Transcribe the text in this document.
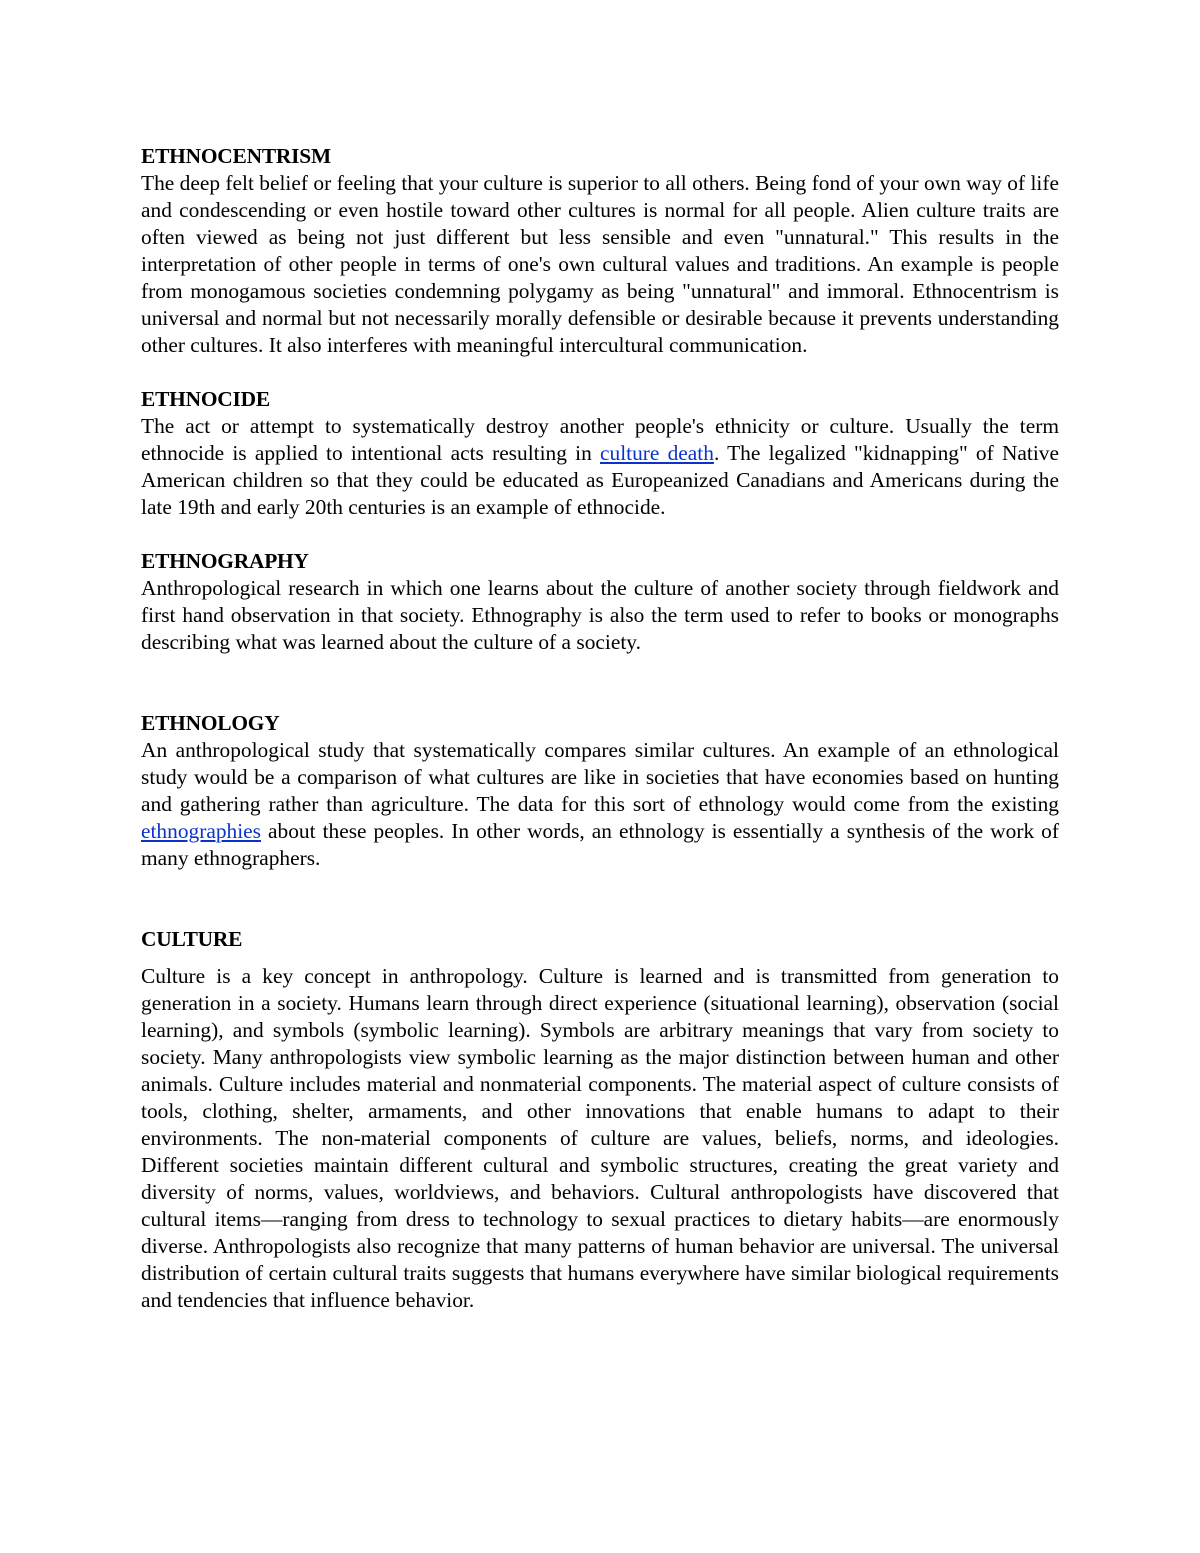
ETHNOCENTRISM

The deep felt belief or feeling that your culture is superior to all others. Being fond of your own way of life and condescending or even hostile toward other cultures is normal for all people. Alien culture traits are often viewed as being not just different but less sensible and even "unnatural." This results in the interpretation of other people in terms of one's own cultural values and traditions. An example is people from monogamous societies condemning polygamy as being "unnatural" and immoral. Ethnocentrism is universal and normal but not necessarily morally defensible or desirable because it prevents understanding other cultures. It also interferes with meaningful intercultural communication.

ETHNOCIDE

The act or attempt to systematically destroy another people's ethnicity or culture. Usually the term ethnocide is applied to intentional acts resulting in culture death. The legalized "kidnapping" of Native American children so that they could be educated as Europeanized Canadians and Americans during the late 19th and early 20th centuries is an example of ethnocide.

ETHNOGRAPHY

Anthropological research in which one learns about the culture of another society through fieldwork and first hand observation in that society. Ethnography is also the term used to refer to books or monographs describing what was learned about the culture of a society.

ETHNOLOGY

An anthropological study that systematically compares similar cultures. An example of an ethnological study would be a comparison of what cultures are like in societies that have economies based on hunting and gathering rather than agriculture. The data for this sort of ethnology would come from the existing ethnographies about these peoples. In other words, an ethnology is essentially a synthesis of the work of many ethnographers.

CULTURE

Culture is a key concept in anthropology. Culture is learned and is transmitted from generation to generation in a society. Humans learn through direct experience (situational learning), observation (social learning), and symbols (symbolic learning). Symbols are arbitrary meanings that vary from society to society. Many anthropologists view symbolic learning as the major distinction between human and other animals. Culture includes material and nonmaterial components. The material aspect of culture consists of tools, clothing, shelter, armaments, and other innovations that enable humans to adapt to their environments. The non-material components of culture are values, beliefs, norms, and ideologies. Different societies maintain different cultural and symbolic structures, creating the great variety and diversity of norms, values, worldviews, and behaviors. Cultural anthropologists have discovered that cultural items—ranging from dress to technology to sexual practices to dietary habits—are enormously diverse. Anthropologists also recognize that many patterns of human behavior are universal. The universal distribution of certain cultural traits suggests that humans everywhere have similar biological requirements and tendencies that influence behavior.
